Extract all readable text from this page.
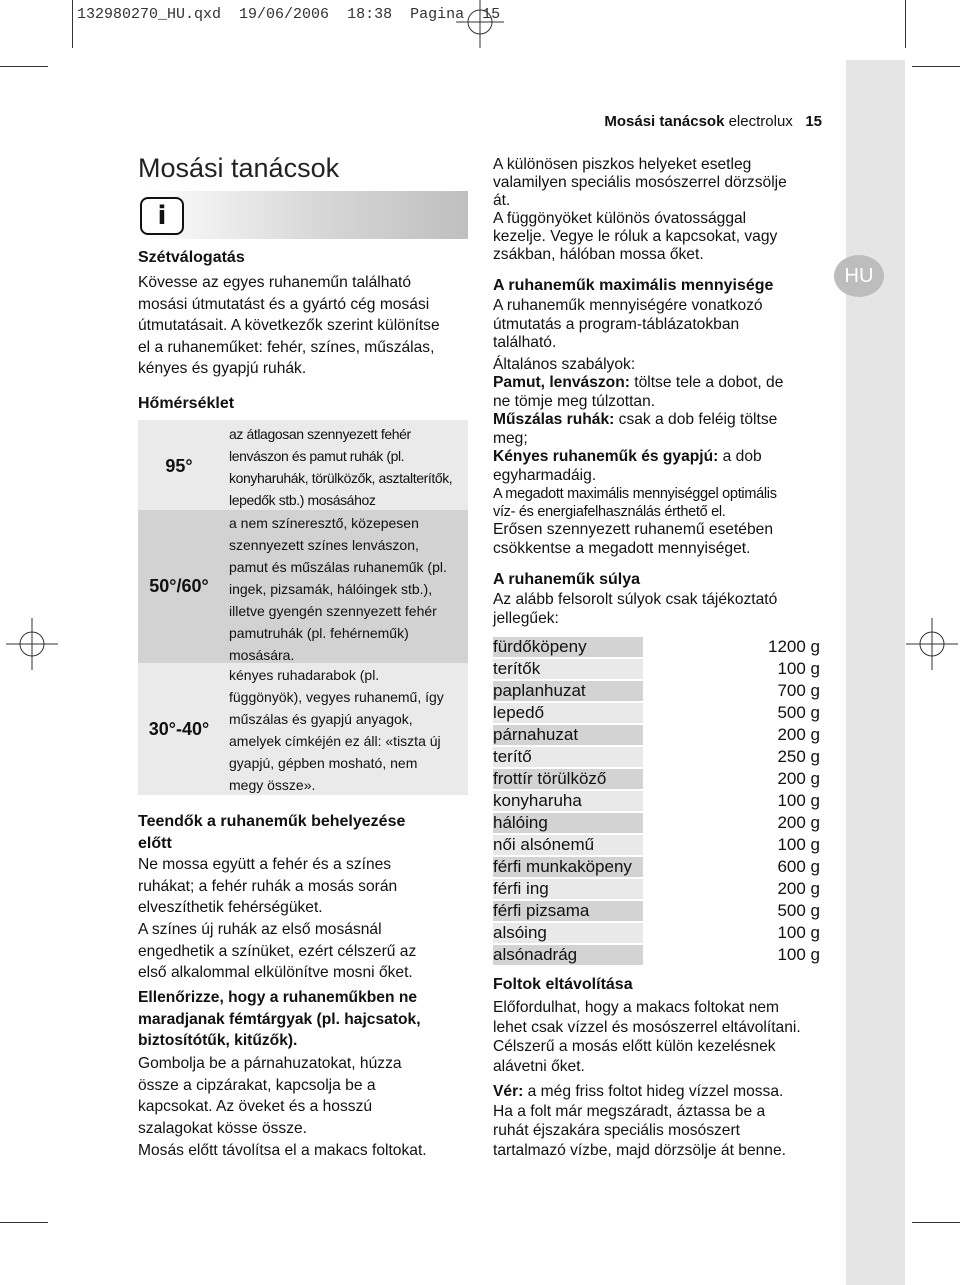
132980270_HU.qxd 19/06/2006 18:38 Pagina 15
HU
Mosási tanácsok electrolux 15
Mosási tanácsok
i
Szétválogatás
Kövesse az egyes ruhaneműn található
mosási útmutatást és a gyártó cég mosási
útmutatásait. A következők szerint különítse
el a ruhaneműket: fehér, színes, műszálas,
kényes és gyapjú ruhák.
Hőmérséklet
95°
az átlagosan szennyezett fehér
lenvászon és pamut ruhák (pl.
konyharuhák, törülközők, asztalterítők,
lepedők stb.) mosásához
50°/60°
a nem színeresztő, közepesen
szennyezett színes lenvászon,
pamut és műszálas ruhaneműk (pl.
ingek, pizsamák, hálóingek stb.),
illetve gyengén szennyezett fehér
pamutruhák (pl. fehérneműk)
mosására.
30°-40°
kényes ruhadarabok (pl.
függönyök), vegyes ruhanemű, így
műszálas és gyapjú anyagok,
amelyek címkéjén ez áll: «tiszta új
gyapjú, gépben mosható, nem
megy össze».
Teendők a ruhaneműk behelyezése
előtt
Ne mossa együtt a fehér és a színes
ruhákat; a fehér ruhák a mosás során
elveszíthetik fehérségüket.
A színes új ruhák az első mosásnál
engedhetik a színüket, ezért célszerű az
első alkalommal elkülönítve mosni őket.
Ellenőrizze, hogy a ruhaneműkben ne
maradjanak fémtárgyak (pl. hajcsatok,
biztosítótűk, kitűzők).
Gombolja be a párnahuzatokat, húzza
össze a cipzárakat, kapcsolja be a
kapcsokat. Az öveket és a hosszú
szalagokat kösse össze.
Mosás előtt távolítsa el a makacs foltokat.
A különösen piszkos helyeket esetleg
valamilyen speciális mosószerrel dörzsölje
át.
A függönyöket különös óvatossággal
kezelje. Vegye le róluk a kapcsokat, vagy
zsákban, hálóban mossa őket.
A ruhaneműk maximális mennyisége
A ruhaneműk mennyiségére vonatkozó
útmutatás a program-táblázatokban
található.
Általános szabályok:
Pamut, lenvászon: töltse tele a dobot, de
ne tömje meg túlzottan.
Műszálas ruhák: csak a dob feléig töltse
meg;
Kényes ruhaneműk és gyapjú: a dob
egyharmadáig.
A megadott maximális mennyiséggel optimális
víz- és energiafelhasználás érthető el.
Erősen szennyezett ruhanemű esetében
csökkentse a megadott mennyiséget.
A ruhaneműk súlya
Az alább felsorolt súlyok csak tájékoztató
jellegűek:
fürdőköpeny	1200 g
terítők	100 g
paplanhuzat	700 g
lepedő	500 g
párnahuzat	200 g
terítő	250 g
frottír törülköző	200 g
konyharuha	100 g
hálóing	200 g
női alsónemű	100 g
férfi munkaköpeny	600 g
férfi ing	200 g
férfi pizsama	500 g
alsóing	100 g
alsónadrág	100 g
Foltok eltávolítása
Előfordulhat, hogy a makacs foltokat nem
lehet csak vízzel és mosószerrel eltávolítani.
Célszerű a mosás előtt külön kezelésnek
alávetni őket.
Vér: a még friss foltot hideg vízzel mossa.
Ha a folt már megszáradt, áztassa be a
ruhát éjszakára speciális mosószert
tartalmazó vízbe, majd dörzsölje át benne.
